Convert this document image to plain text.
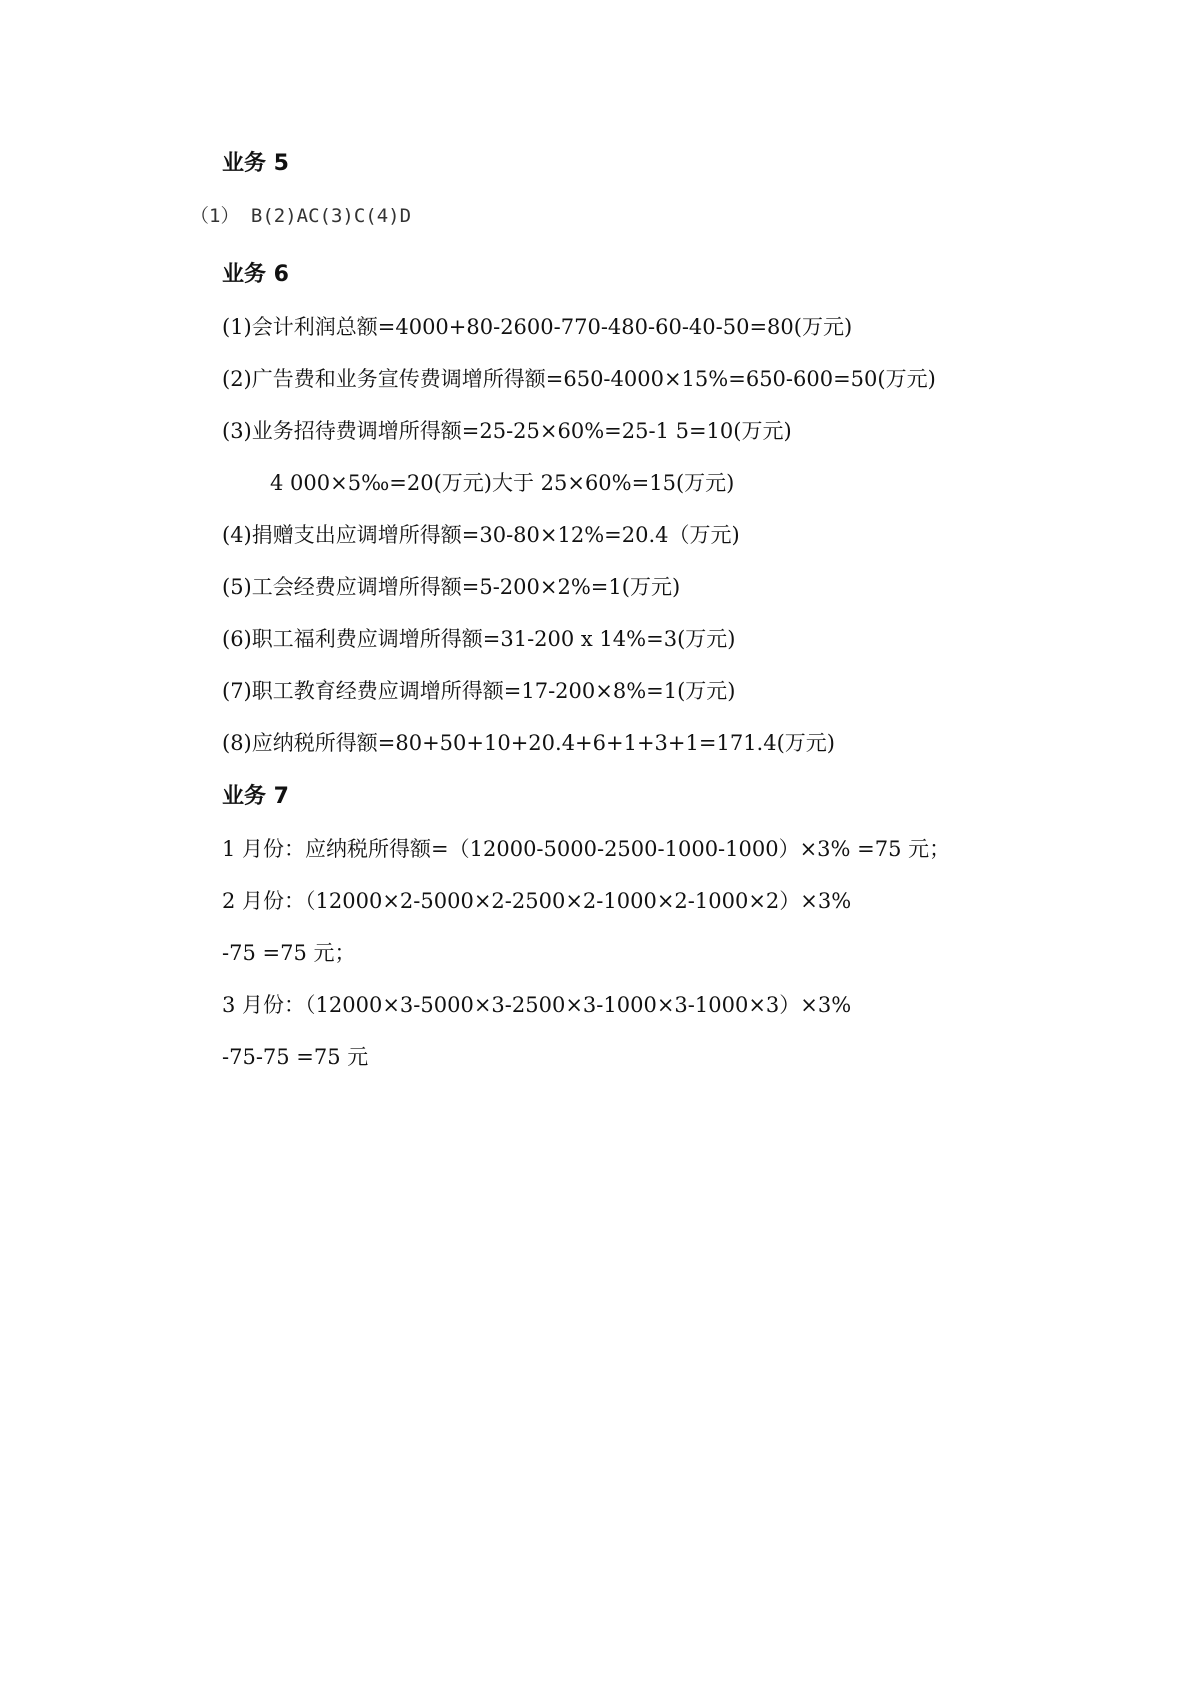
业务 5
（1） B(2)AC(3)C(4)D
业务 6
(1)会计利润总额=4000+80-2600-770-480-60-40-50=80(万元)
(2)广告费和业务宣传费调增所得额=650-4000×15%=650-600=50(万元)
(3)业务招待费调增所得额=25-25×60%=25-1 5=10(万元)
4 000×5‰=20(万元)大于 25×60%=15(万元)
(4)捐赠支出应调增所得额=30-80×12%=20.4（万元)
(5)工会经费应调增所得额=5-200×2%=1(万元)
(6)职工福利费应调增所得额=31-200 x 14%=3(万元)
(7)职工教育经费应调增所得额=17-200×8%=1(万元)
(8)应纳税所得额=80+50+10+20.4+6+1+3+1=171.4(万元)
业务 7
1 月份：应纳税所得额=（12000-5000-2500-1000-1000）×3% =75 元；
2 月份：（12000×2-5000×2-2500×2-1000×2-1000×2）×3%
-75 =75 元；
3 月份：（12000×3-5000×3-2500×3-1000×3-1000×3）×3%
-75-75 =75 元
